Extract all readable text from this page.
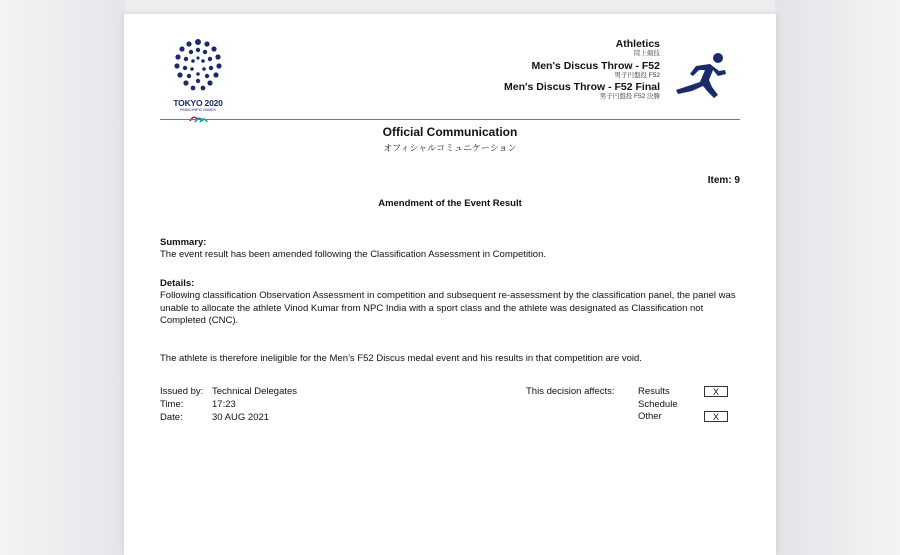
TOKYO 2020
PARALYMPIC GAMES
Athletics
陸上競技
Men's Discus Throw - F52
男子円盤投 F52
Men's Discus Throw - F52 Final
男子円盤投 F52 決勝
Official Communication
オフィシャルコミュニケーション
Item: 9
Amendment of the Event Result
Summary:
The event result has been amended following the Classification Assessment in Competition.
Details:
Following classification Observation Assessment in competition and subsequent re-assessment by the classification panel, the panel was unable to allocate the athlete Vinod Kumar from NPC India with a sport class and the athlete was designated as Classification not Completed (CNC).
The athlete is therefore ineligible for the Men’s F52 Discus medal event and his results in that competition are void.
Issued by: Technical Delegates
Time:	17:23
Date:	30 AUG 2021
This decision affects: Results	X
Schedule
Other	X
